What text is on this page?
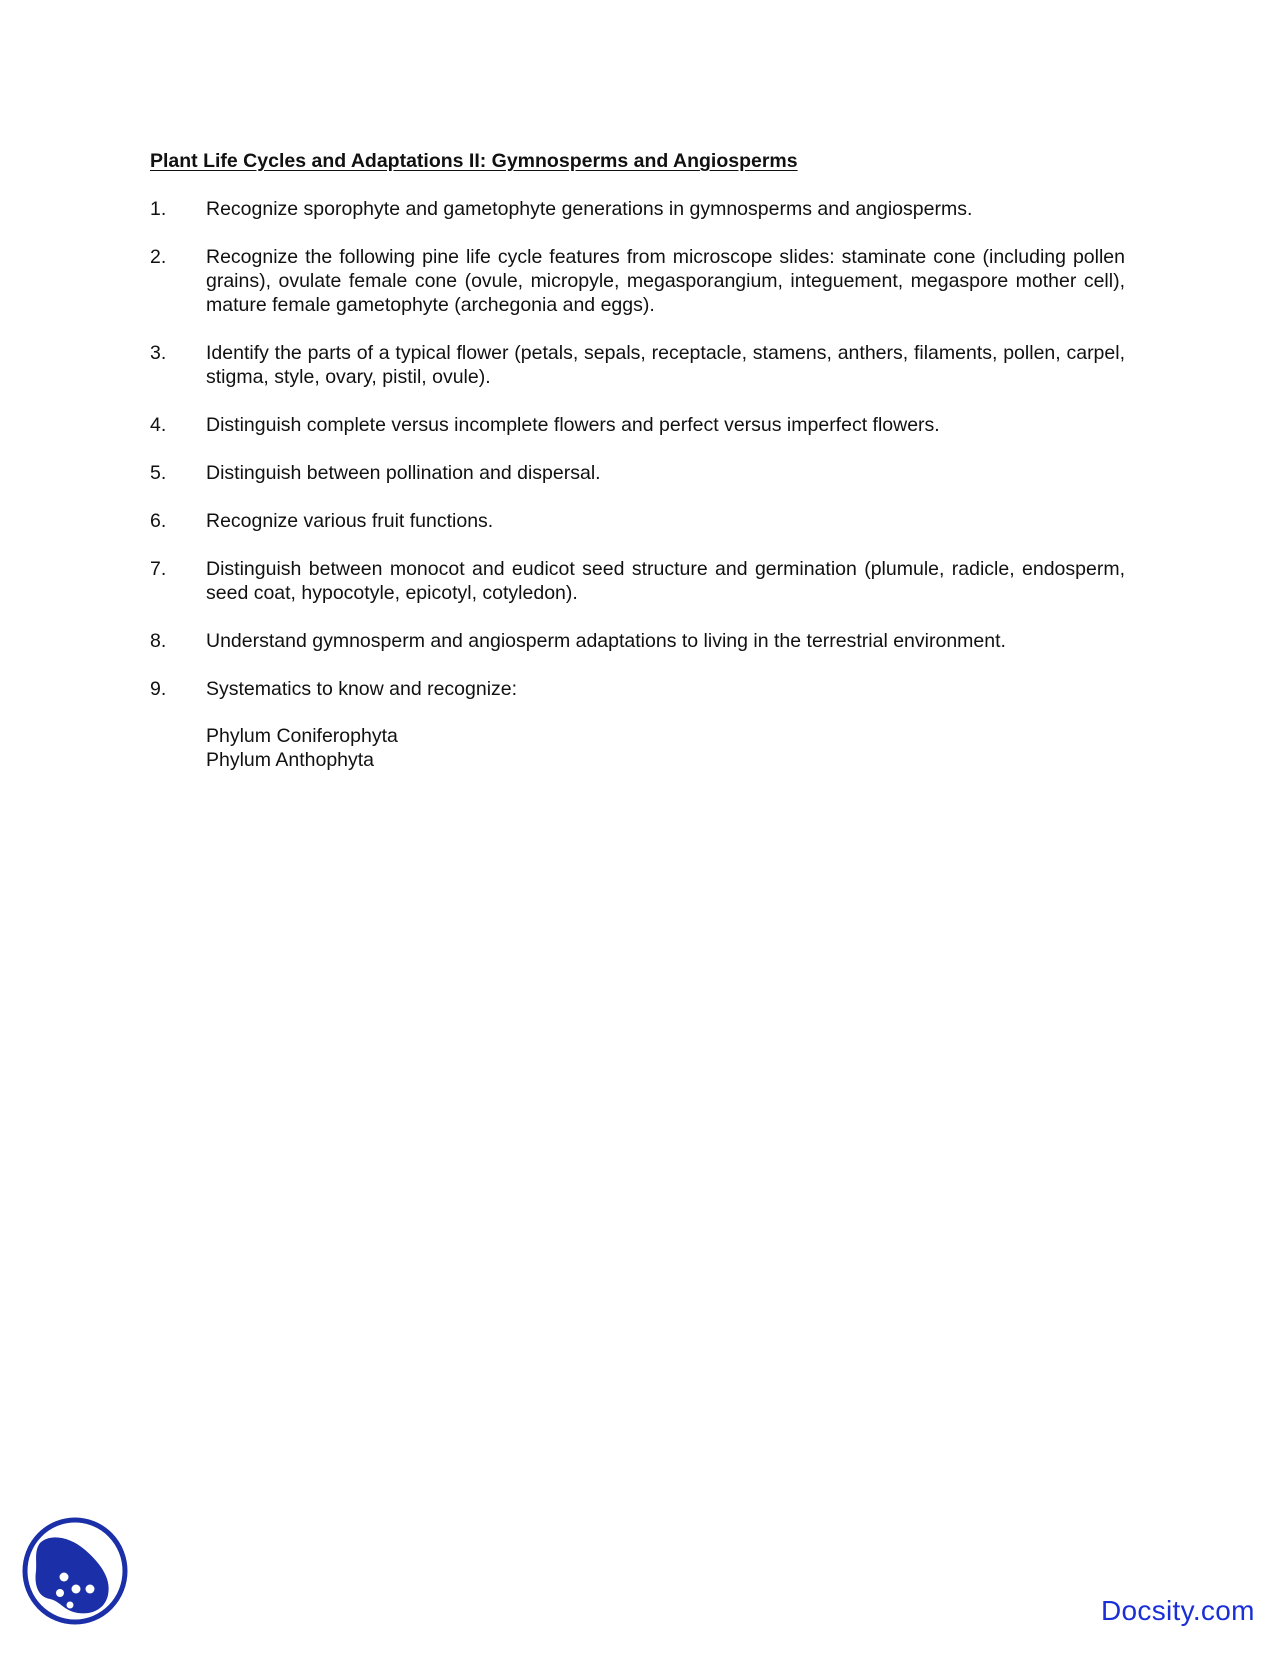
Plant Life Cycles and Adaptations II: Gymnosperms and Angiosperms
1.	Recognize sporophyte and gametophyte generations in gymnosperms and angiosperms.
2.	Recognize the following pine life cycle features from microscope slides: staminate cone (including pollen grains), ovulate female cone (ovule, micropyle, megasporangium, integuement, megaspore mother cell), mature female gametophyte (archegonia and eggs).
3.	Identify the parts of a typical flower (petals, sepals, receptacle, stamens, anthers, filaments, pollen, carpel, stigma, style, ovary, pistil, ovule).
4.	Distinguish complete versus incomplete flowers and perfect versus imperfect flowers.
5.	Distinguish between pollination and dispersal.
6.	Recognize various fruit functions.
7.	Distinguish between monocot and eudicot seed structure and germination (plumule, radicle, endosperm, seed coat, hypocotyle, epicotyl, cotyledon).
8.	Understand gymnosperm and angiosperm adaptations to living in the terrestrial environment.
9.	Systematics to know and recognize:
Phylum Coniferophyta
Phylum Anthophyta
Docsity.com
